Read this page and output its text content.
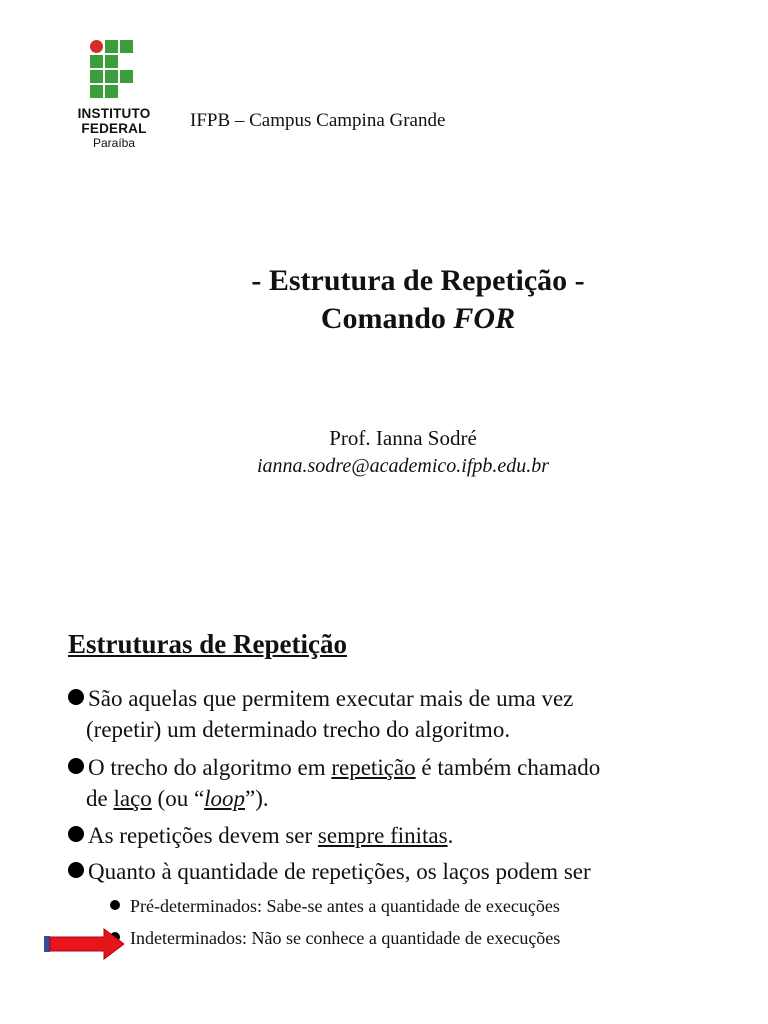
INSTITUTO
FEDERAL
Paraíba
IFPB – Campus Campina Grande
- Estrutura de Repetição -
Comando FOR
Prof. Ianna Sodré
ianna.sodre@academico.ifpb.edu.br
Estruturas de Repetição
São aquelas que permitem executar mais de uma vez
(repetir) um determinado trecho do algoritmo.
O trecho do algoritmo em repetição é também chamado
de laço (ou “loop”).
As repetições devem ser sempre finitas.
Quanto à quantidade de repetições, os laços podem ser
Pré-determinados: Sabe-se antes a quantidade de execuções
Indeterminados: Não se conhece a quantidade de execuções
